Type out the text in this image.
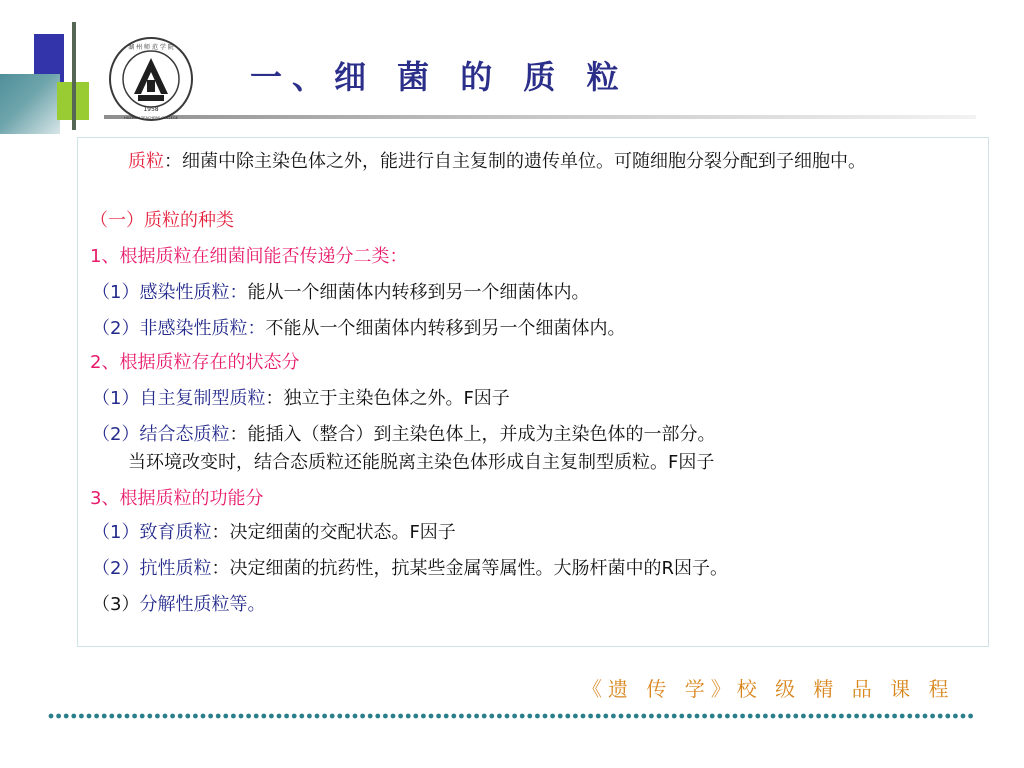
1958
湖 州 师 范 学 院
HUZHOU TEACHERS COLLEGE
一、细 菌 的 质 粒
质粒：细菌中除主染色体之外，能进行自主复制的遗传单位。可随细胞分裂分配到子细胞中。
（一）质粒的种类
1、根据质粒在细菌间能否传递分二类：
（1）感染性质粒：能从一个细菌体内转移到另一个细菌体内。
（2）非感染性质粒：不能从一个细菌体内转移到另一个细菌体内。
2、根据质粒存在的状态分
（1）自主复制型质粒：独立于主染色体之外。F因子
（2）结合态质粒：能插入（整合）到主染色体上，并成为主染色体的一部分。
当环境改变时，结合态质粒还能脱离主染色体形成自主复制型质粒。F因子
3、根据质粒的功能分
（1）致育质粒：决定细菌的交配状态。F因子
（2）抗性质粒：决定细菌的抗药性，抗某些金属等属性。大肠杆菌中的R因子。
（3）分解性质粒等。
《遗 传 学》校 级 精 品 课 程
